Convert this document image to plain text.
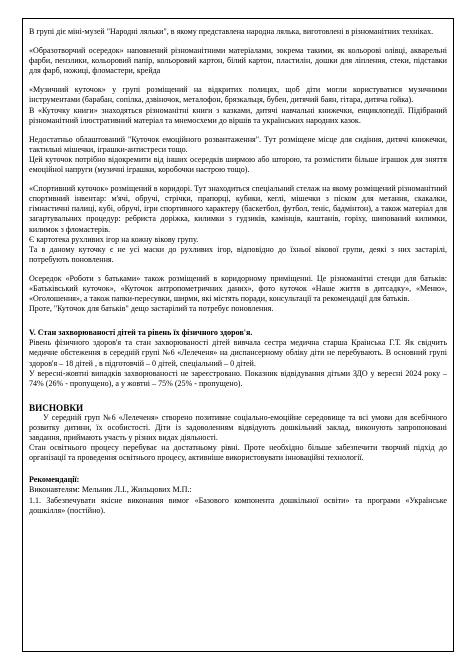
В групі діє міні-музей "Народні ляльки", в якому представлена народна лялька, виготовлені в різноманітних техніках.

«Образотворчий осередок» наповнений різноманітними матеріалами, зокрема такими, як кольорові олівці, акварельні фарби, пензлики, кольоровий папір, кольоровий картон, білий картон, пластилін, дошки для ліплення, стеки, підставки для фарб, ножиці, фломастери, крейда

«Музичний куточок» у групі розміщений на відкритих полицях, щоб діти могли користуватися музичними інструментами (барабан, сопілка, дзвіночок, металофон, брязкальця, бубен, дитячий баян, гітара, дитяча гойка).

В «Куточку книги» знаходяться різноманітні книги з казками, дитячі навчальні книжечки, енциклопедії. Підібраний різноманітний ілюстративний матеріал та мнемосхеми до віршів та українських народних казок.

Недостатньо облаштований "Куточок емоційного розвантаження". Тут розміщене місце для сидіння, дитячі книжечки, тактильні мішечки, іграшки-антистреси тощо.

Цей куточок потрібно відокремити від інших осередків ширмою або шторою, та розмістити більше іграшок для зняття емоційної напруги (музичні іграшки, коробочки настрою тощо).

«Спортивний куточок» розміщений в коридорі. Тут знаходиться спеціальний стелаж на якому розміщений різноманітний спортивний інвентар: м'ячі, обручі, стрічки, прапорці, кубики, кеглі, мішечки з піском для метання, скакалки, гімнастичні палиці, кубі, обручі, ігри спортивного характеру (баскетбол, футбол, теніс, бадмінтон), а також матеріал для загартувальних процедур: ребриста доріжка, килимки з гудзиків, камінців, каштанів, горіху, шипований килимки, килимок з фломастерів.

Є картотека рухливих ігор на кожну вікову групу.

Та в даному куточку є не усі маски до рухливих ігор, відповідно до їхньої вікової групи, деякі з них застарілі, потребують поновлення.

Осередок «Роботи з батьками» також розміщений в коридорному приміщенні. Це різноманітні стенди для батьків: «Батьківський куточок», «Куточок антропометричних даних», фото куточок «Наше життя в дитсадку», «Меню», «Оголошення», а також папки-пересувки, ширми, які містять поради, консультації та рекомендації для батьків.

Проте, "Куточок для батьків" дещо застарілий та потребує поновлення.

V. Стан захворюваності дітей та рівень їх фізичного здоров'я.

Рівень фізичного здоров'я та стан захворюваності дітей вивчала сестра медична старша Краінська Г.Т. Як свідчить медичне обстеження в середній групі №6 «Лелеченя» на диспансерному обліку діти не перебувають. В основний групі здоров'я – 18 дітей , в підготовчій – 0 дітей, спеціальний – 0 дітей.

У вересні-жовтні випадків захворюваності не зареєстровано. Показник відвідування дітьми ЗДО у вересні 2024 року – 74% (26% - пропущено), а у жовтні – 75% (25% - пропущено).

ВИСНОВКИ

У середній груп №6 «Лелеченя» створено позитивне соціально-емоційне середовище та всі умови для всебічного розвитку дитини, їх особистості. Діти із задоволенням відвідують дошкільний заклад, виконують запропоновані завдання, приймають участь у різних видах діяльності.

Стан освітнього процесу перебуває на достатньому рівні. Проте необхідно більше забезпечити творчий підхід до організації та проведення освітнього процесу, активніше використовувати інноваційні технології.

Рекомендації:

Виконавтелям: Мельник Л.І., Жильцових М.П.:

1.1. Забезпечувати якісне виконання вимог «Базового компонента дошкільної освіти» та програми «Українське дошкілля» (постійно).
